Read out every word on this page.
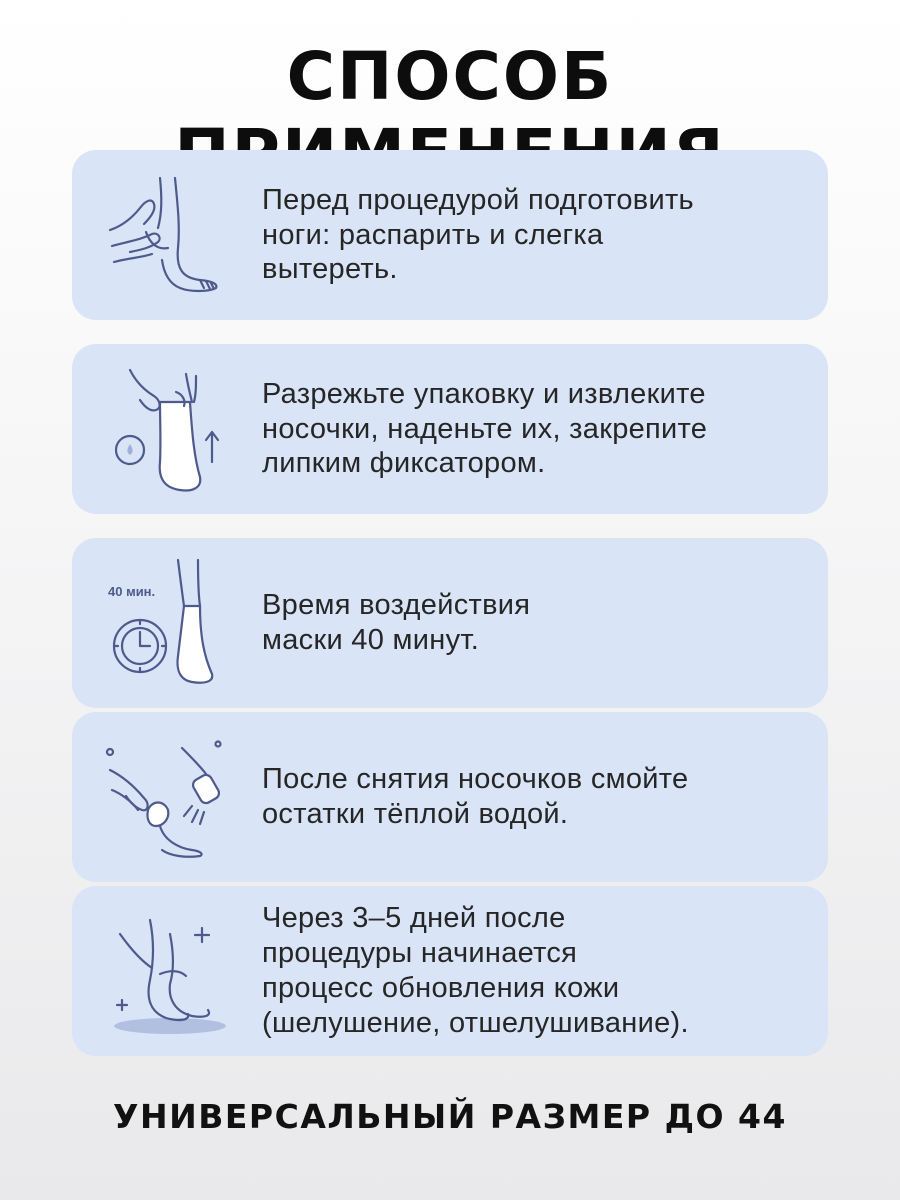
СПОСОБ
Перед процедурой подготовить
ноги: распарить и слегка
вытереть.
Разрежьте упаковку и извлеките
носочки, наденьте их, закрепите
липким фиксатором.
40 мин.	Время воздействия
маски 40 минут.
После снятия носочков смойте
остатки тёплой водой.
Через 3–5 дней после
процедуры начинается
процесс обновления кожи
(шелушение, отшелушивание).
УНИВЕРСАЛЬНЫЙ РАЗМЕР ДО 44
